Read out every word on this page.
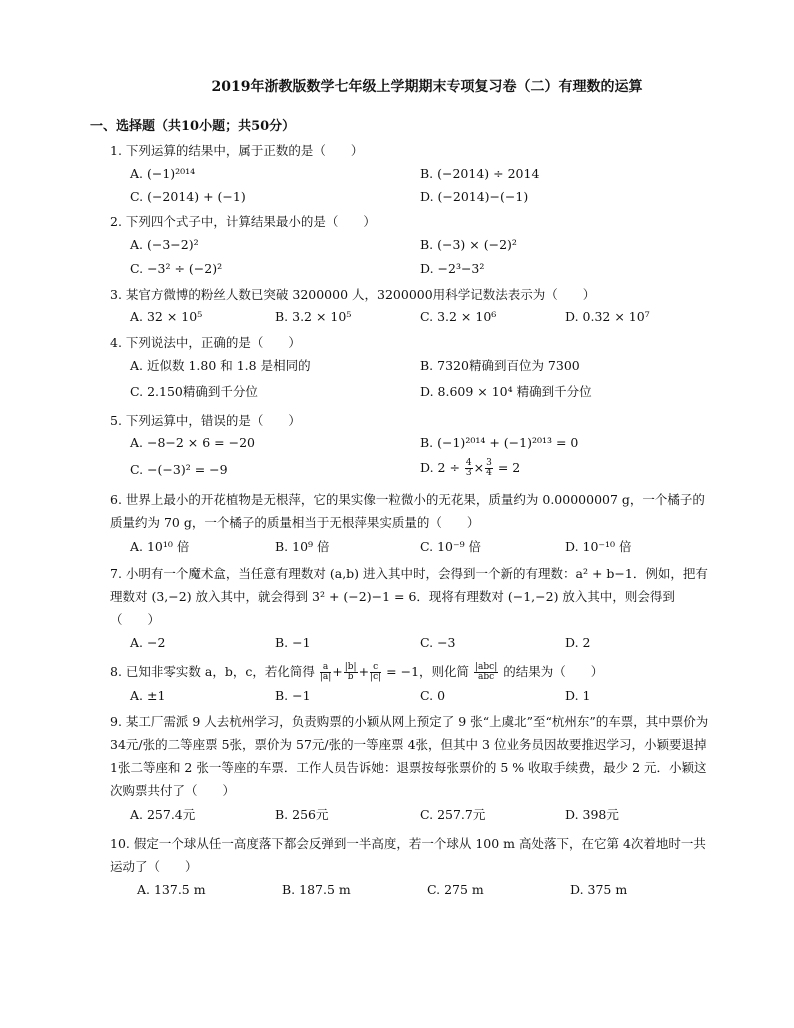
2019年浙教版数学七年级上学期期末专项复习卷（二）有理数的运算
一、选择题（共10小题；共50分）
1. 下列运算的结果中，属于正数的是（　　）
A. (−1)²⁰¹⁴	B. (−2014) ÷ 2014
C. (−2014) + (−1)	D. (−2014)−(−1)
2. 下列四个式子中，计算结果最小的是（　　）
A. (−3−2)²	B. (−3) × (−2)²
C. −3² ÷ (−2)²	D. −2³−3²
3. 某官方微博的粉丝人数已突破 3200000 人，3200000用科学记数法表示为（　　）
A. 32 × 10⁵	B. 3.2 × 10⁵	C. 3.2 × 10⁶	D. 0.32 × 10⁷
4. 下列说法中，正确的是（　　）
A. 近似数 1.80 和 1.8 是相同的	B. 7320精确到百位为 7300
C. 2.150精确到千分位	D. 8.609 × 10⁴ 精确到千分位
5. 下列运算中，错误的是（　　）
A. −8−2 × 6 = −20	B. (−1)²⁰¹⁴ + (−1)²⁰¹³ = 0
C. −(−3)² = −9	D. $2 \div \frac{4}{3} \times \frac{3}{4} = 2$
6. 世界上最小的开花植物是无根萍，它的果实像一粒微小的无花果，质量约为 0.00000007 g，一个橘子的质量约为 70 g，一个橘子的质量相当于无根萍果实质量的（　　）
A. 10¹⁰ 倍	B. 10⁹ 倍	C. 10⁻⁹ 倍	D. 10⁻¹⁰ 倍
7. 小明有一个魔术盒，当任意有理数对 (a,b) 进入其中时，会得到一个新的有理数：a² + b−1．例如，把有理数对 (3,−2) 放入其中，就会得到 3² + (−2)−1 = 6．现将有理数对 (−1,−2) 放入其中，则会得到（　　）
A. −2	B. −1	C. −3	D. 2
8. 已知非零实数 a，b，c，若化简得 $\frac{a}{|a|} + \frac{|b|}{b} + \frac{c}{|c|} = -1$，则化简 $\frac{\text{|abc|}}{\text{abc}}$ 的结果为（　　）
A. ±1	B. −1	C. 0	D. 1
9. 某工厂需派 9 人去杭州学习，负责购票的小颖从网上预定了 9 张“上虞北”至“杭州东”的车票，其中票价为 34元/张的二等座票 5张，票价为 57元/张的一等座票 4张，但其中 3 位业务员因故要推迟学习，小颖要退掉 1张二等座和 2 张一等座的车票．工作人员告诉她：退票按每张票价的 5 % 收取手续费，最少 2 元．小颖这次购票共付了（　　）
A. 257.4元	B. 256元	C. 257.7元	D. 398元
10. 假定一个球从任一高度落下都会反弹到一半高度，若一个球从 100 m 高处落下，在它第 4次着地时一共运动了（　　）
A. 137.5 m	B. 187.5 m	C. 275 m	D. 375 m
